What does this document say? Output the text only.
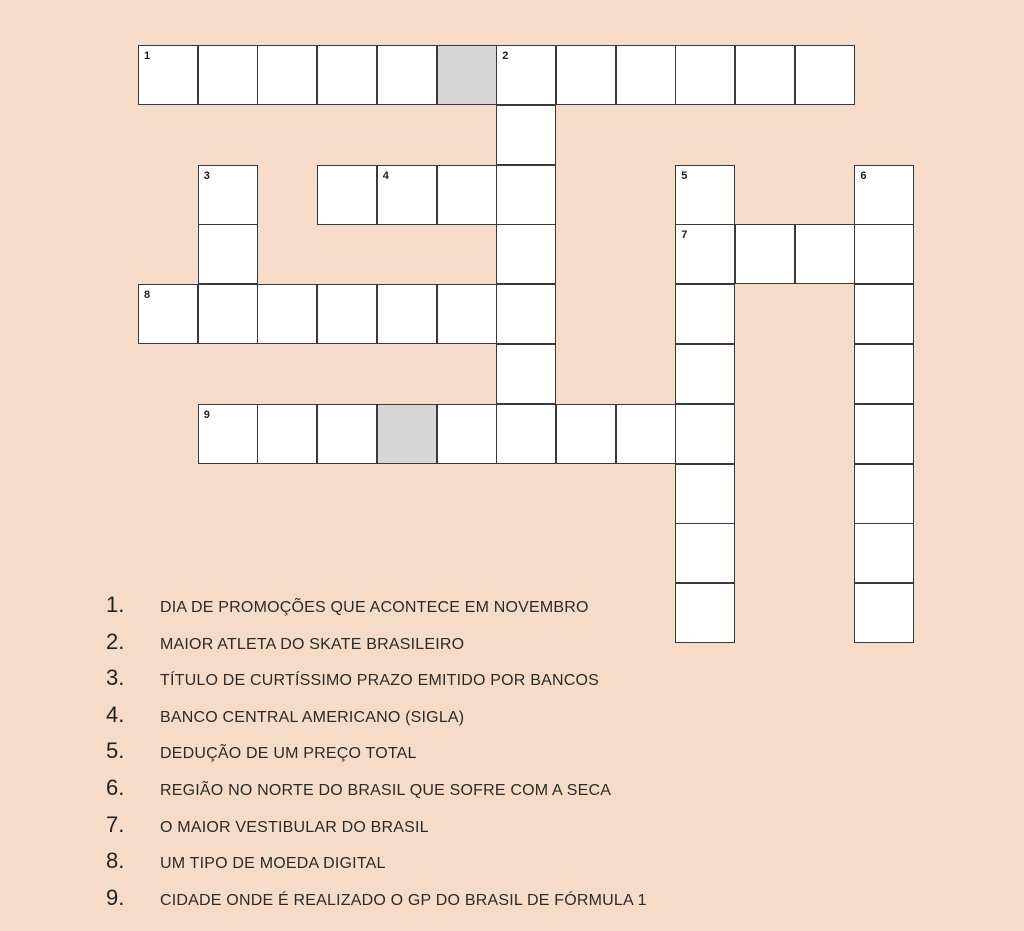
1	2
3	4	5	6
7
8
9
1.	DIA DE PROMOÇÕES QUE ACONTECE EM NOVEMBRO
2.	MAIOR ATLETA DO SKATE BRASILEIRO
3.	TÍTULO DE CURTÍSSIMO PRAZO EMITIDO POR BANCOS
4.	BANCO CENTRAL AMERICANO (SIGLA)
5.	DEDUÇÃO DE UM PREÇO TOTAL
6.	REGIÃO NO NORTE DO BRASIL QUE SOFRE COM A SECA
7.	O MAIOR VESTIBULAR DO BRASIL
8.	UM TIPO DE MOEDA DIGITAL
9.	CIDADE ONDE É REALIZADO O GP DO BRASIL DE FÓRMULA 1
